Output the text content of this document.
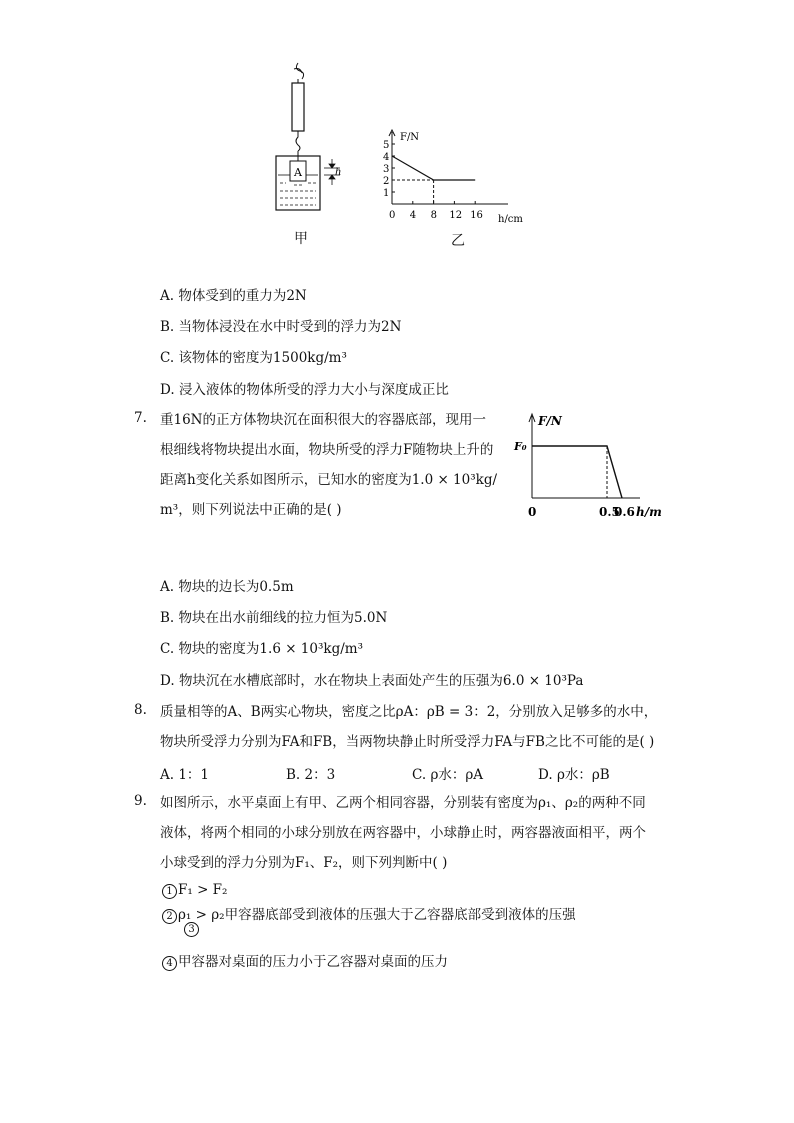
A	h
甲
F/N
h/cm
0 4 8 12 16
1
2
3
4
5
乙
A. 物体受到的重力为2N
B. 当物体浸没在水中时受到的浮力为2N
C. 该物体的密度为1500kg/m³
D. 浸入液体的物体所受的浮力大小与深度成正比
7. 重16N的正方体物块沉在面积很大的容器底部，现用一
根细线将物块提出水面，物块所受的浮力F随物块上升的
距离h变化关系如图所示，已知水的密度为1.0 × 10³kg/
m³，则下列说法中正确的是( )
F/N
h/m
F₀
0	0.5
0.6
A. 物块的边长为0.5m
B. 物块在出水前细线的拉力恒为5.0N
C. 物块的密度为1.6 × 10³kg/m³
D. 物块沉在水槽底部时，水在物块上表面处产生的压强为6.0 × 10³Pa
8. 质量相等的A、B两实心物块，密度之比ρA：ρB = 3：2，分别放入足够多的水中，
物块所受浮力分别为FA和FB，当两物块静止时所受浮力FA与FB之比不可能的是( )
A. 1：1	B. 2：3	C. ρ水：ρA	D. ρ水：ρB
9. 如图所示，水平桌面上有甲、乙两个相同容器，分别装有密度为ρ₁、ρ₂的两种不同
液体，将两个相同的小球分别放在两容器中，小球静止时，两容器液面相平，两个
小球受到的浮力分别为F₁、F₂，则下列判断中( )
1 F₁ > F₂
2 ρ₁ > ρ₂甲容器底部受到液体的压强大于乙容器底部受到液体的压强
3
4 甲容器对桌面的压力小于乙容器对桌面的压力
